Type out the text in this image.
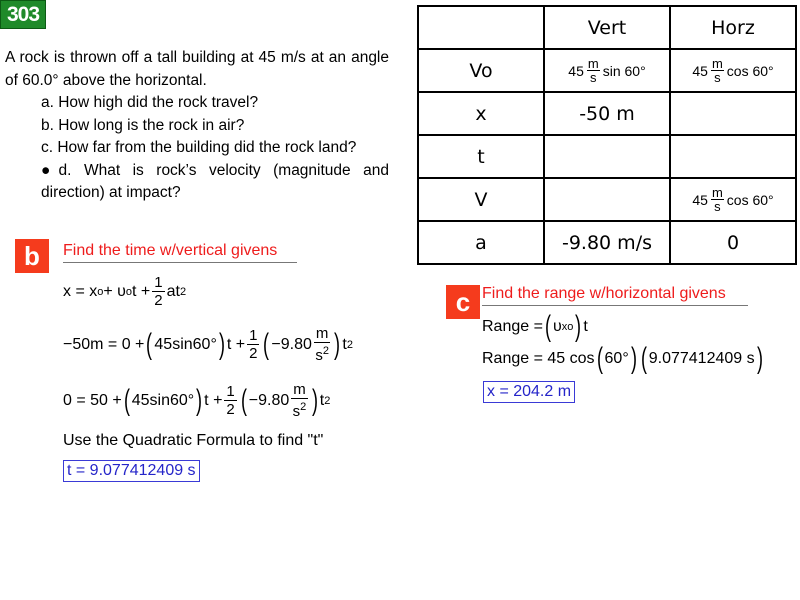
303

A rock is thrown off a tall building at 45 m/s at an angle of 60.0° above the horizontal.

a. How high did the rock travel?

b. How long is the rock in air?

c. How far from the building did the rock land?

●d. What is rock’s velocity (magnitude and direction) at impact?

	Vert	Horz
Vo	$45 \frac{m}{s}$ sin 60°	$45 \frac{m}{s}$ cos 60°

x	-50 m	
t		
V		$45 \frac{m}{s}$ cos 60°

a	-9.80 m/s	0
b	Find the time w/vertical givens
x = x o + υ o $t + \frac{1}{2}$ at 2
−50m = 0 + ( 45sin60° ) $t + \frac{1}{2}$ ( −9.80
m
$s^2$ ) t 2
0 = 50 + ( 45sin60° ) $t + \frac{1}{2}$ ( −9.80
m
$s^2$ ) t 2
Use the Quadratic Formula to find "t"
t = 9.077412409 s
c Find the range w/horizontal givens
Range = ( υ xo ) t
Range = 45 cos ( 60° ) ( 9.077412409 s )
x = 204.2 m
